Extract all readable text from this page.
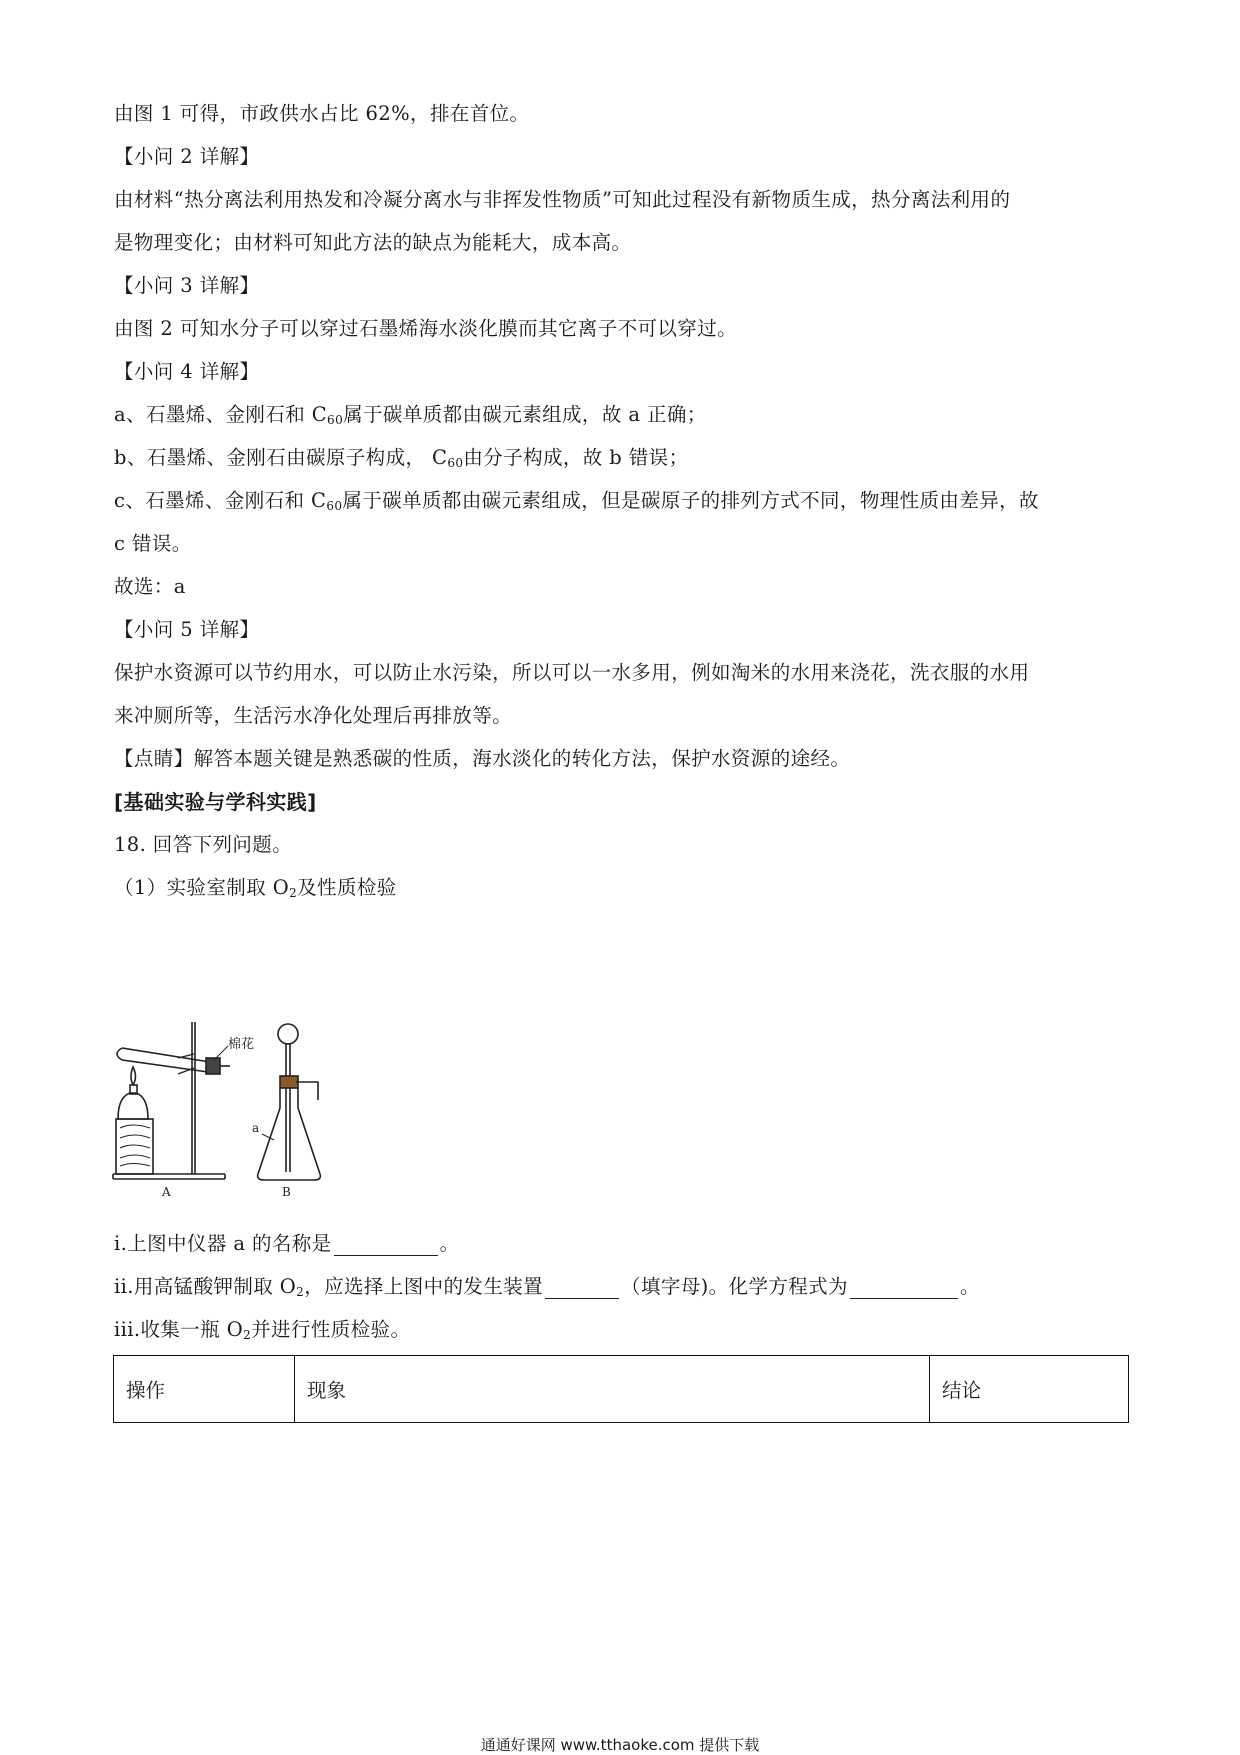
由图 1 可得，市政供水占比 62%，排在首位。
【小问 2 详解】
由材料“热分离法利用热发和冷凝分离水与非挥发性物质”可知此过程没有新物质生成，热分离法利用的
是物理变化；由材料可知此方法的缺点为能耗大，成本高。
【小问 3 详解】
由图 2 可知水分子可以穿过石墨烯海水淡化膜而其它离子不可以穿过。
【小问 4 详解】
a、石墨烯、金刚石和 $C_{60}$属于碳单质都由碳元素组成，故 a 正确；
b、石墨烯、金刚石由碳原子构成， $C_{60}$由分子构成，故 b 错误；
c、石墨烯、金刚石和 $C_{60}$属于碳单质都由碳元素组成，但是碳原子的排列方式不同，物理性质由差异，故
c 错误。
故选：a
【小问 5 详解】
保护水资源可以节约用水，可以防止水污染，所以可以一水多用，例如淘米的水用来浇花，洗衣服的水用
来冲厕所等，生活污水净化处理后再排放等。
【点睛】解答本题关键是熟悉碳的性质，海水淡化的转化方法，保护水资源的途经。
[基础实验与学科实践]
18. 回答下列问题。
（1）实验室制取 $O_2$及性质检验
棉花
a
A	B
i.上图中仪器 a 的名称是	。
ii.用高锰酸钾制取 $O_2$，应选择上图中的发生装置	（填字母)。化学方程式为	。
iii.收集一瓶 $O_2$并进行性质检验。
操作	现象	结论
通通好课网 www.tthaoke.com 提供下载
